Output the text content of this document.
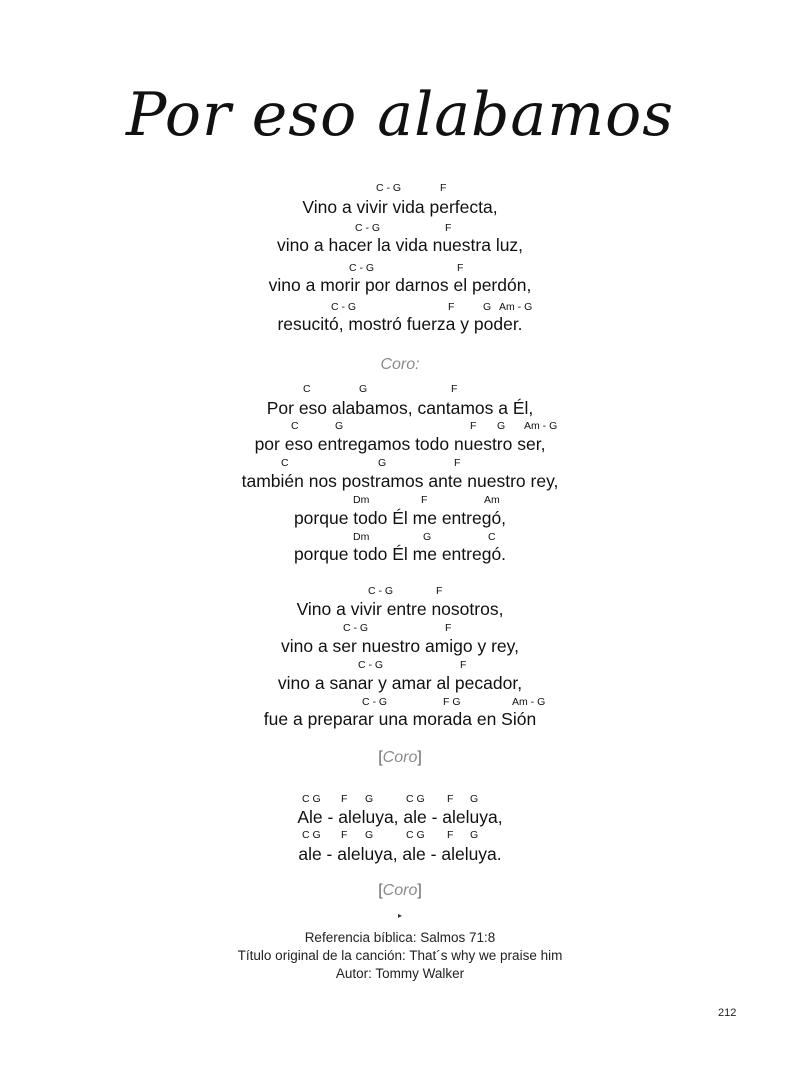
Por eso alabamos
C - G	F
Vino a vivir vida perfecta,
C - G	F
vino a hacer la vida nuestra luz,
C - G	F
vino a morir por darnos el perdón,
C - G	F	G Am - G
resucitó, mostró fuerza y poder.
Coro:
C	G	F
Por eso alabamos, cantamos a Él,
C	G	F G Am - G
por eso entregamos todo nuestro ser,
C	G	F
también nos postramos ante nuestro rey,
Dm	F	Am
porque todo Él me entregó,
Dm	G	C
porque todo Él me entregó.
C - G	F
Vino a vivir entre nosotros,
C - G	F
vino a ser nuestro amigo y rey,
C - G	F
vino a sanar y amar al pecador,
C - G	F G	Am - G
fue a preparar una morada en Sión
[Coro]
C G F G	C G F G
Ale - aleluya, ale - aleluya,
C G F G	C G F G
ale - aleluya, ale - aleluya.
[Coro]
▸
Referencia bíblica: Salmos 71:8
Título original de la canción: That´s why we praise him
Autor: Tommy Walker
212
